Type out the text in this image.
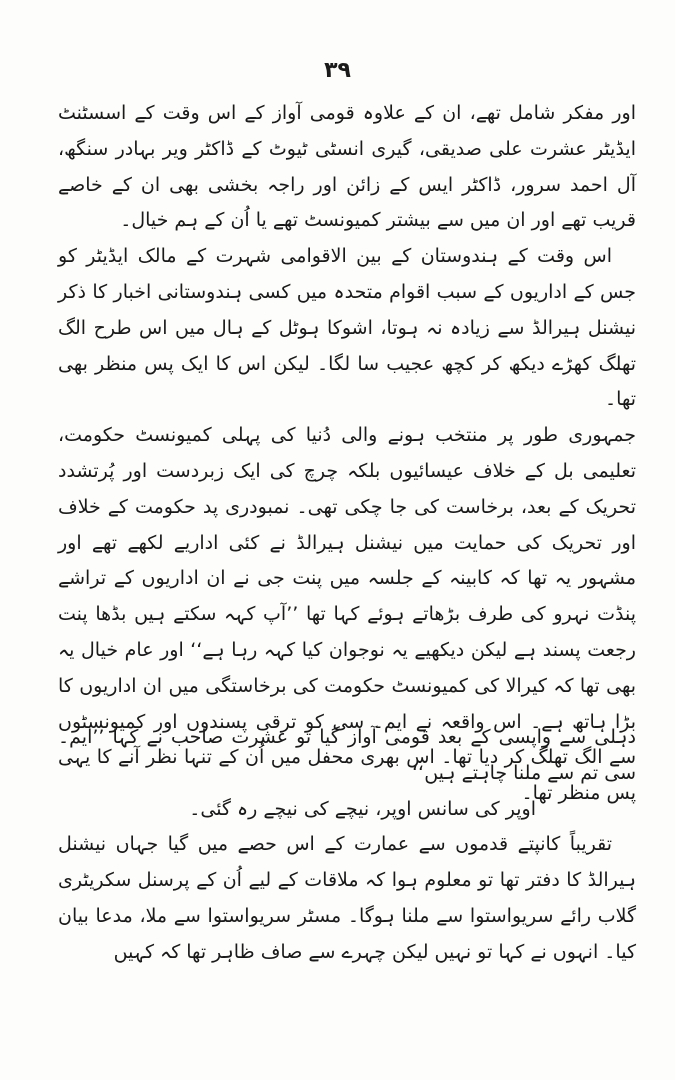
۳۹

اور مفکر شامل تھے، ان کے علاوہ قومی آواز کے اس وقت کے اسسٹنٹ ایڈیٹر عشرت علی صدیقی، گیری انسٹی ٹیوٹ کے ڈاکٹر ویر بہادر سنگھ، آل احمد سرور، ڈاکٹر ایس کے زائن اور راجہ بخشی بھی ان کے خاصے قریب تھے اور ان میں سے بیشتر کمیونسٹ تھے یا اُن کے ہم خیال۔

اس وقت کے ہندوستان کے بین الاقوامی شہرت کے مالک ایڈیٹر کو جس کے اداریوں کے سبب اقوام متحدہ میں کسی ہندوستانی اخبار کا ذکر نیشنل ہیرالڈ سے زیادہ نہ ہوتا، اشوکا ہوٹل کے ہال میں اس طرح الگ تھلگ کھڑے دیکھ کر کچھ عجیب سا لگا۔ لیکن اس کا ایک پس منظر بھی تھا۔

جمہوری طور پر منتخب ہونے والی دُنیا کی پہلی کمیونسٹ حکومت، تعلیمی بل کے خلاف عیسائیوں بلکہ چرچ کی ایک زبردست اور پُرتشدد تحریک کے بعد، برخاست کی جا چکی تھی۔ نمبودری پد حکومت کے خلاف اور تحریک کی حمایت میں نیشنل ہیرالڈ نے کئی اداریے لکھے تھے اور مشہور یہ تھا کہ کابینہ کے جلسہ میں پنت جی نے ان اداریوں کے تراشے پنڈت نہرو کی طرف بڑھاتے ہوئے کہا تھا ’’آپ کہہ سکتے ہیں بڈھا پنت رجعت پسند ہے لیکن دیکھیے یہ نوجوان کیا کہہ رہا ہے‘‘ اور عام خیال یہ بھی تھا کہ کیرالا کی کمیونسٹ حکومت کی برخاستگی میں ان اداریوں کا بڑا ہاتھ ہے۔ اس واقعہ نے ایم۔ سی کو ترقی پسندوں اور کمیونسٹوں سے الگ تھلگ کر دیا تھا۔ اس بھری محفل میں اُن کے تنہا نظر آنے کا یہی پس منظر تھا۔

دہلی سے واپسی کے بعد قومی آواز گیا تو عشرت صاحب نے کہا ’’ایم۔ سی تم سے ملنا چاہتے ہیں‘‘

اوپر کی سانس اوپر، نیچے کی نیچے رہ گئی۔

تقریباً کانپتے قدموں سے عمارت کے اس حصے میں گیا جہاں نیشنل ہیرالڈ کا دفتر تھا تو معلوم ہوا کہ ملاقات کے لیے اُن کے پرسنل سکریٹری گلاب رائے سریواستوا سے ملنا ہوگا۔ مسٹر سریواستوا سے ملا، مدعا بیان کیا۔ انہوں نے کہا تو نہیں لیکن چہرے سے صاف ظاہر تھا کہ کہیں
